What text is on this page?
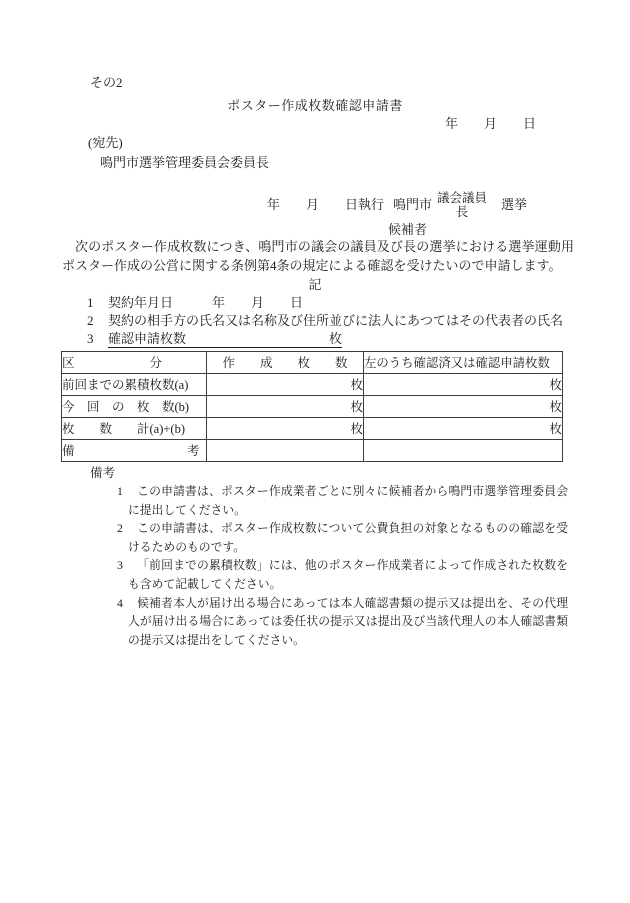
その2
ポスター作成枚数確認申請書
年　　月　　日
(宛先)
鳴門市選挙管理委員会委員長
年　　月　　日執行 鳴門市 議会議員
長	選挙
候補者
次のポスター作成枚数につき、鳴門市の議会の議員及び長の選挙における選挙運動用ポスター作成の公営に関する条例第4条の規定による確認を受けたいので申請します。
記
1 契約年月日　　　年　　月　　日
2 契約の相手方の氏名又は名称及び住所並びに法人にあつてはその代表者の氏名
3 確認申請枚数　　　　　　　　　　　枚
区　　　　　　分	作　　成　　枚　　数	左のうち確認済又は確認申請枚数
前回までの累積枚数(a)	枚	枚
今　回　の　枚　数(b)	枚	枚
枚　　数　　計(a)+(b)	枚	枚
備　　　　　　　　　考		
備考
1 この申請書は、ポスター作成業者ごとに別々に候補者から鳴門市選挙管理委員会に提出してください。
2 この申請書は、ポスター作成枚数について公費負担の対象となるものの確認を受けるためのものです。
3 「前回までの累積枚数」には、他のポスター作成業者によって作成された枚数をも含めて記載してください。
4 候補者本人が届け出る場合にあっては本人確認書類の提示又は提出を、その代理人が届け出る場合にあっては委任状の提示又は提出及び当該代理人の本人確認書類の提示又は提出をしてください。
